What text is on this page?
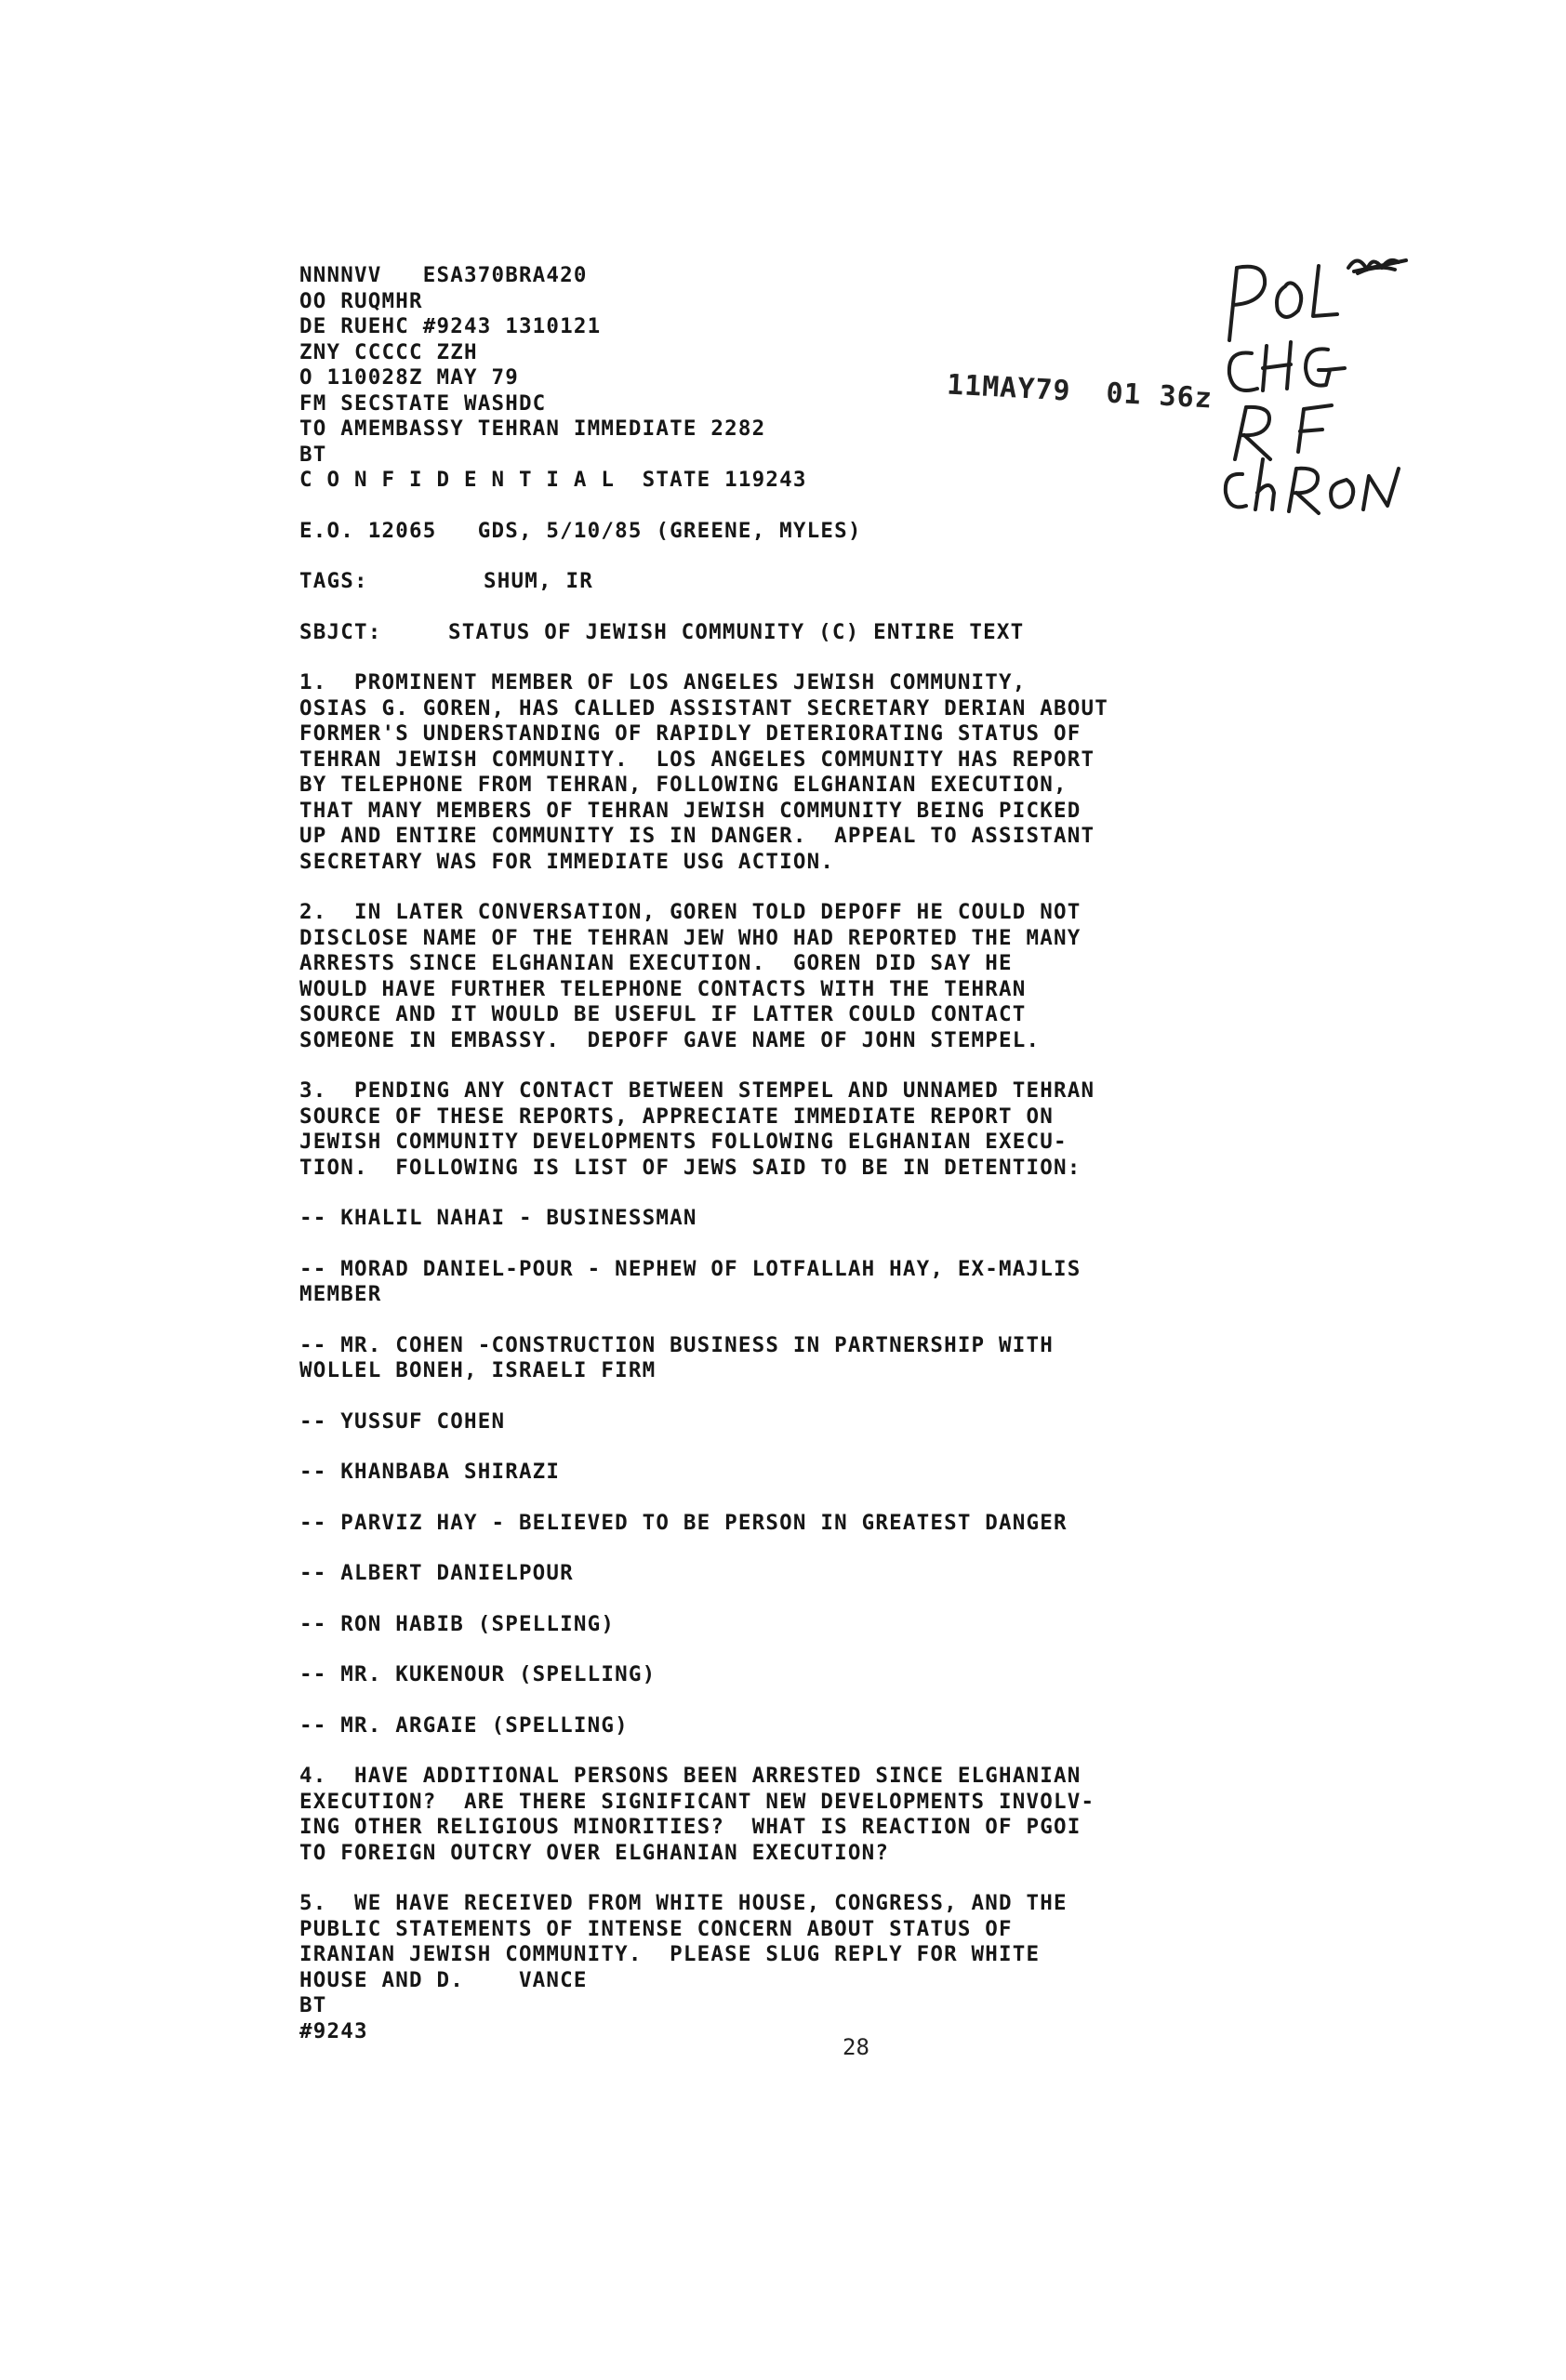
11MAY79  01 36z
NNNNVV   ESA370BRA420
OO RUQMHR
DE RUEHC #9243 1310121
ZNY CCCCC ZZH
O 110028Z MAY 79
FM SECSTATE WASHDC
TO AMEMBASSY TEHRAN IMMEDIATE 2282
BT
C O N F I D E N T I A L
STATE 119243
E.O. 12065   GDS, 5/10/85 (GREENE, MYLES)
TAGS:	SHUM, IR
SBJCT:	STATUS OF JEWISH COMMUNITY (C) ENTIRE TEXT
1.  PROMINENT MEMBER OF LOS ANGELES JEWISH COMMUNITY,
OSIAS G. GOREN, HAS CALLED ASSISTANT SECRETARY DERIAN ABOUT
FORMER'S UNDERSTANDING OF RAPIDLY DETERIORATING STATUS OF
TEHRAN JEWISH COMMUNITY.  LOS ANGELES COMMUNITY HAS REPORT
BY TELEPHONE FROM TEHRAN, FOLLOWING ELGHANIAN EXECUTION,
THAT MANY MEMBERS OF TEHRAN JEWISH COMMUNITY BEING PICKED
UP AND ENTIRE COMMUNITY IS IN DANGER.  APPEAL TO ASSISTANT
SECRETARY WAS FOR IMMEDIATE USG ACTION.
2.  IN LATER CONVERSATION, GOREN TOLD DEPOFF HE COULD NOT
DISCLOSE NAME OF THE TEHRAN JEW WHO HAD REPORTED THE MANY
ARRESTS SINCE ELGHANIAN EXECUTION.  GOREN DID SAY HE
WOULD HAVE FURTHER TELEPHONE CONTACTS WITH THE TEHRAN
SOURCE AND IT WOULD BE USEFUL IF LATTER COULD CONTACT
SOMEONE IN EMBASSY.  DEPOFF GAVE NAME OF JOHN STEMPEL.
3.  PENDING ANY CONTACT BETWEEN STEMPEL AND UNNAMED TEHRAN
SOURCE OF THESE REPORTS, APPRECIATE IMMEDIATE REPORT ON
JEWISH COMMUNITY DEVELOPMENTS FOLLOWING ELGHANIAN EXECU-
TION.  FOLLOWING IS LIST OF JEWS SAID TO BE IN DETENTION:
-- KHALIL NAHAI - BUSINESSMAN
-- MORAD DANIEL-POUR - NEPHEW OF LOTFALLAH HAY, EX-MAJLIS
MEMBER
-- MR. COHEN -CONSTRUCTION BUSINESS IN PARTNERSHIP WITH
WOLLEL BONEH, ISRAELI FIRM
-- YUSSUF COHEN
-- KHANBABA SHIRAZI
-- PARVIZ HAY - BELIEVED TO BE PERSON IN GREATEST DANGER
-- ALBERT DANIELPOUR
-- RON HABIB (SPELLING)
-- MR. KUKENOUR (SPELLING)
-- MR. ARGAIE (SPELLING)
4.  HAVE ADDITIONAL PERSONS BEEN ARRESTED SINCE ELGHANIAN
EXECUTION?  ARE THERE SIGNIFICANT NEW DEVELOPMENTS INVOLV-
ING OTHER RELIGIOUS MINORITIES?  WHAT IS REACTION OF PGOI
TO FOREIGN OUTCRY OVER ELGHANIAN EXECUTION?
5.  WE HAVE RECEIVED FROM WHITE HOUSE, CONGRESS, AND THE
PUBLIC STATEMENTS OF INTENSE CONCERN ABOUT STATUS OF
IRANIAN JEWISH COMMUNITY.  PLEASE SLUG REPLY FOR WHITE
HOUSE AND D.    VANCE
BT
#9243
28
